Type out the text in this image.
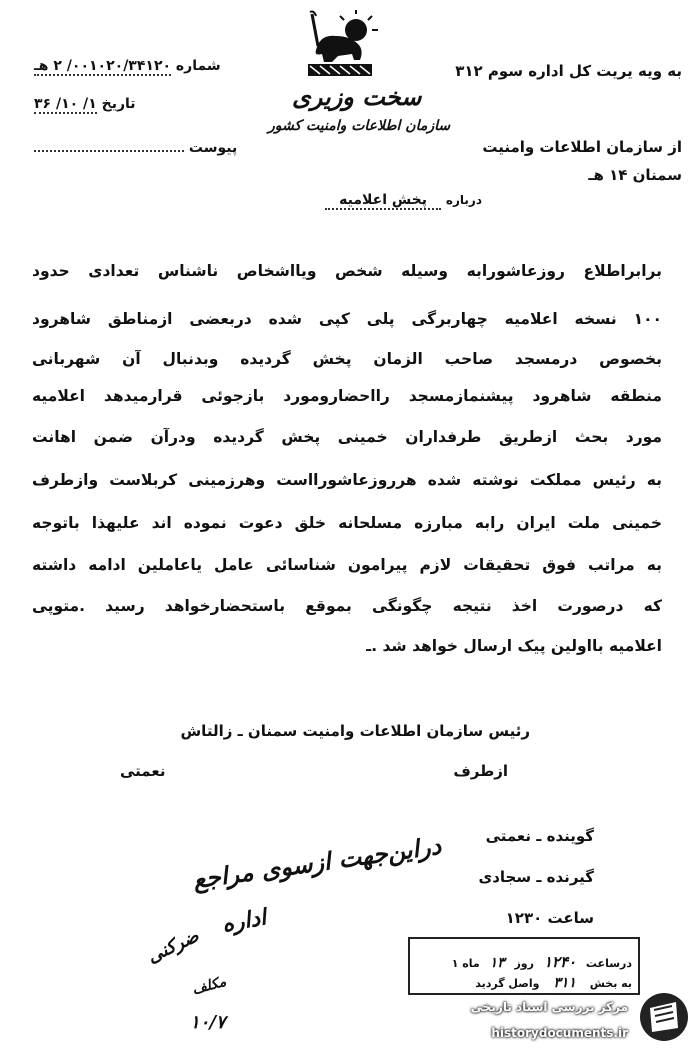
به ویه یریت کل اداره سوم ۳۱۲
شماره ۰۰۱۰۲۰/۳۴۱۲۰/ ۲ هـ
تاریخ ۱/ ۱۰/ ۳۶
پیوست
سخت وزیری
سازمان اطلاعات وامنیت کشور
از سازمان اطلاعات وامنیت
سمنان ۱۴ هـ
درباره پخش اعلامیه
برابراطلاع روزعاشورابه وسیله شخص ویااشخاص ناشناس تعدادی حدود
۱۰۰ نسخه اعلامیه چهاربرگی پلی کپی شده دربعضی ازمناطق شاهرود
بخصوص درمسجد صاحب الزمان پخش گردیده وبدنبال آن شهربانی
منطقه شاهرود پیشنمازمسجد رااحضارومورد بازجوئی قرارمیدهد اعلامیه
مورد بحث ازطریق طرفداران خمینی پخش گردیده ودرآن ضمن اهانت
به رئیس مملکت نوشته شده هرروزعاشورااست وهرزمینی کربلاست وازطرف
خمینی ملت ایران رابه مبارزه مسلحانه خلق دعوت نموده اند علیهذا باتوجه
به مراتب فوق تحقیقات لازم پیرامون شناسائی عامل یاعاملین ادامه داشته
که درصورت اخذ نتیجه چگونگی بموقع باستحضارخواهد رسید .متوپی
اعلامیه بااولین پیک ارسال خواهد شد .ـ
رئیس سازمان اطلاعات وامنیت سمنان ـ زالتاش
ازطرف
نعمتی
گوینده ـ نعمتی
گیرنده ـ سجادی
ساعت ۱۲۳۰
دراین‌جهت ازسوی مراجع
اداره
ضرکنی
۱۰/۷
مکلف
درساعت ۱۲۴۰ روز ۱۳ ماه ۱
به بخش ۳۱۱ واصل گردید
مرکز بررسی اسناد تاریخی
historydocuments.ir
